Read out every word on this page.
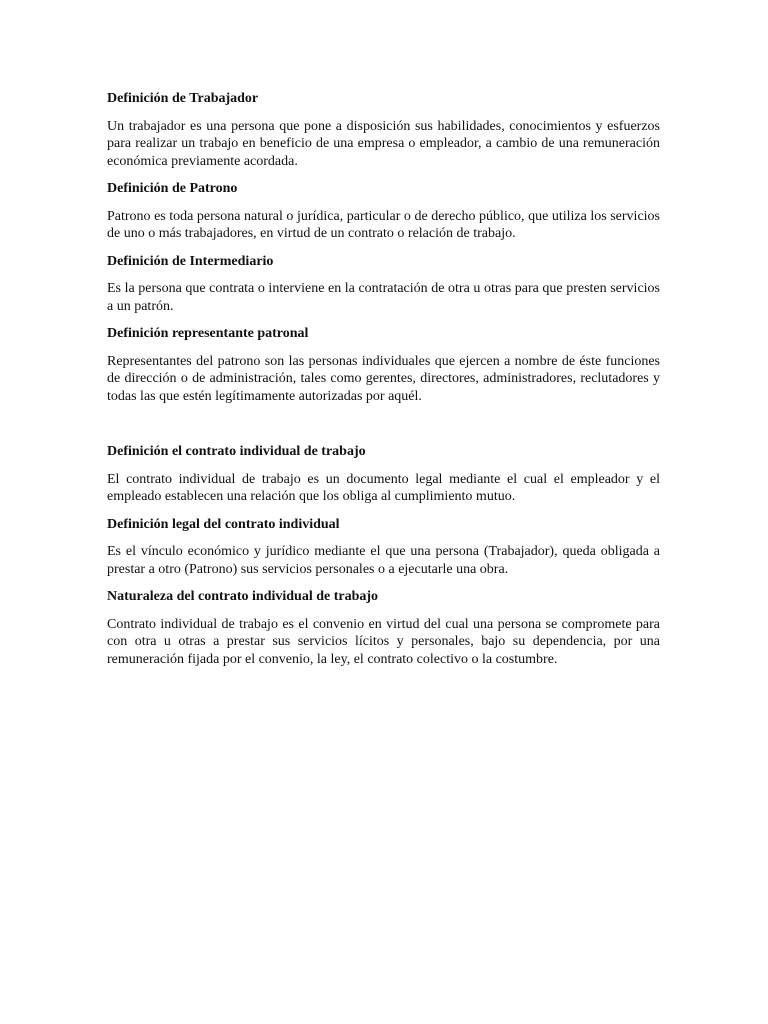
Definición de Trabajador

Un trabajador es una persona que pone a disposición sus habilidades, conocimientos y esfuerzos para realizar un trabajo en beneficio de una empresa o empleador, a cambio de una remuneración económica previamente acordada.

Definición de Patrono

Patrono es toda persona natural o jurídica, particular o de derecho público, que utiliza los servicios de uno o más trabajadores, en virtud de un contrato o relación de trabajo.

Definición de Intermediario

Es la persona que contrata o interviene en la contratación de otra u otras para que presten servicios a un patrón.

Definición representante patronal

Representantes del patrono son las personas individuales que ejercen a nombre de éste funciones de dirección o de administración, tales como gerentes, directores, administradores, reclutadores y todas las que estén legítimamente autorizadas por aquél.

Definición el contrato individual de trabajo

El contrato individual de trabajo es un documento legal mediante el cual el empleador y el empleado establecen una relación que los obliga al cumplimiento mutuo.

Definición legal del contrato individual

Es el vínculo económico y jurídico mediante el que una persona (Trabajador), queda obligada a prestar a otro (Patrono) sus servicios personales o a ejecutarle una obra.

Naturaleza del contrato individual de trabajo

Contrato individual de trabajo es el convenio en virtud del cual una persona se compromete para con otra u otras a prestar sus servicios lícitos y personales, bajo su dependencia, por una remuneración fijada por el convenio, la ley, el contrato colectivo o la costumbre.
